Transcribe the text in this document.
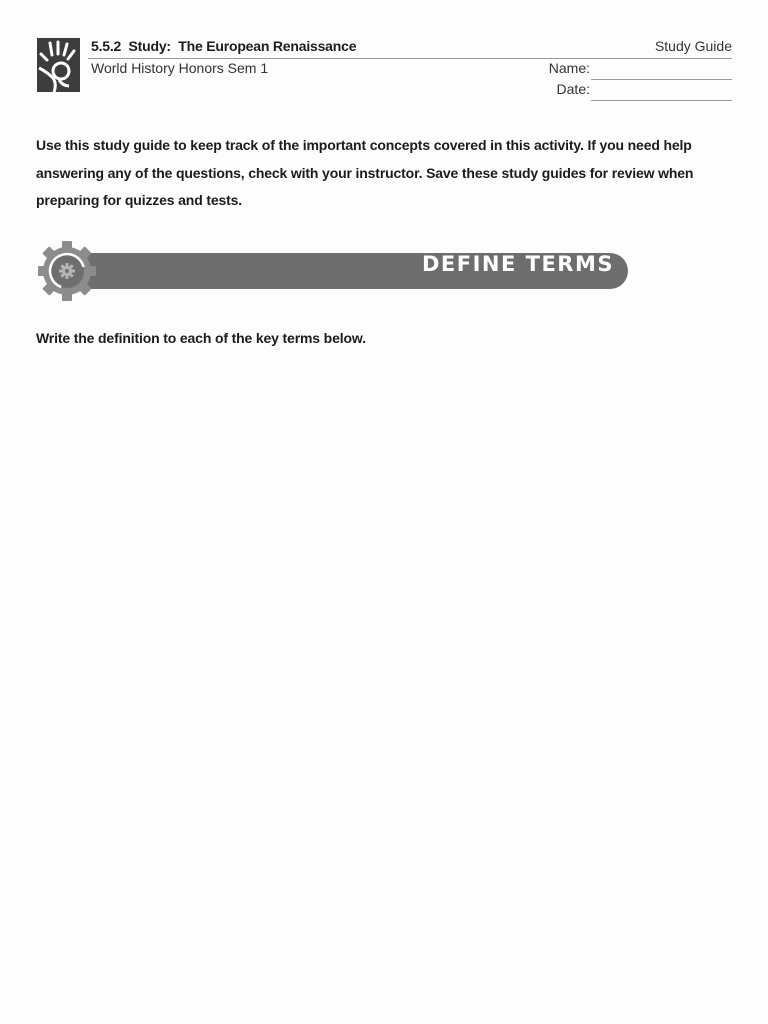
5.5.2  Study:  The European Renaissance	Study Guide
World History Honors Sem 1	Name:
Date:
Use this study guide to keep track of the important concepts covered in this activity. If you need help answering any of the questions, check with your instructor. Save these study guides for review when preparing for quizzes and tests.
DEFINE TERMS
Write the definition to each of the key terms below.
